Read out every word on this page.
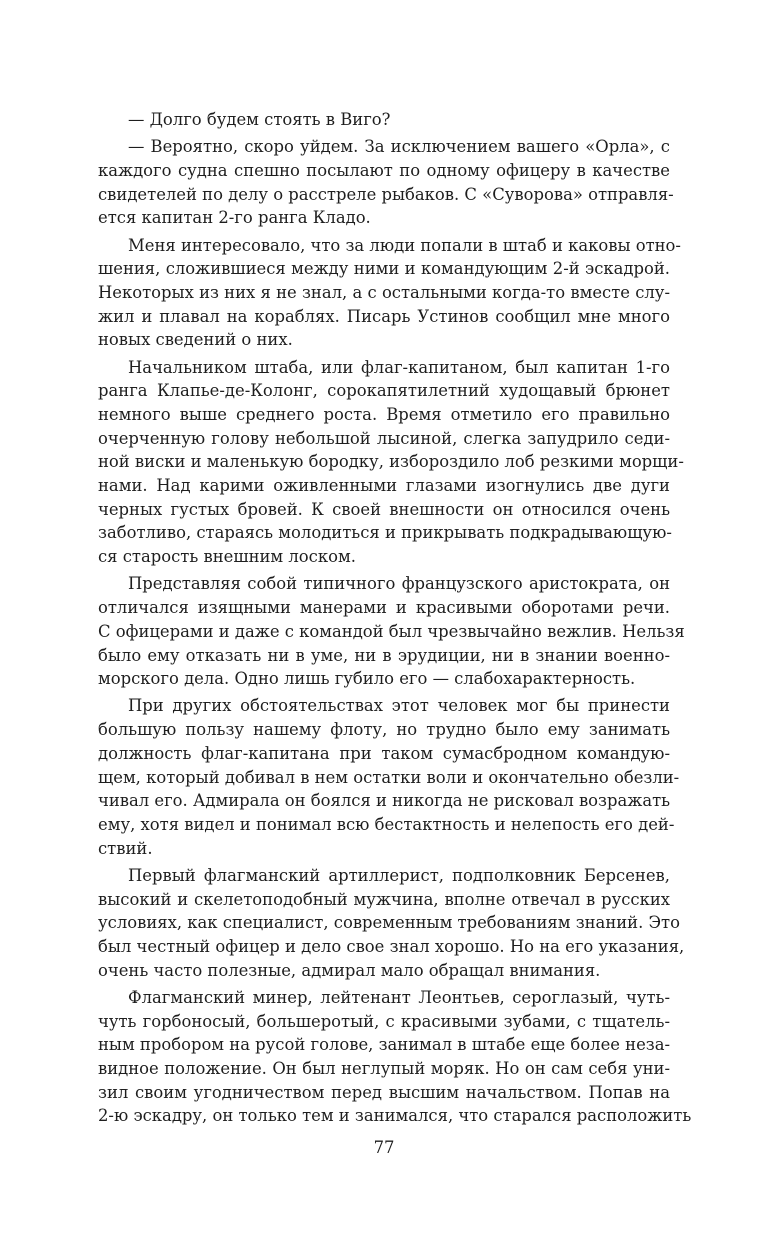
— Долго будем стоять в Виго?
— Вероятно, скоро уйдем. За исключением вашего «Орла», с
каждого судна спешно посылают по одному офицеру в качестве
свидетелей по делу о расстреле рыбаков. С «Суворова» отправля-
ется капитан 2-го ранга Кладо.
Меня интересовало, что за люди попали в штаб и каковы отно-
шения, сложившиеся между ними и командующим 2-й эскадрой.
Некоторых из них я не знал, а с остальными когда-то вместе слу-
жил и плавал на кораблях. Писарь Устинов сообщил мне много
новых сведений о них.
Начальником штаба, или флаг-капитаном, был капитан 1-го
ранга Клапье-де-Колонг, сорокапятилетний худощавый брюнет
немного выше среднего роста. Время отметило его правильно
очерченную голову небольшой лысиной, слегка запудрило седи-
ной виски и маленькую бородку, избороздило лоб резкими морщи-
нами. Над карими оживленными глазами изогнулись две дуги
черных густых бровей. К своей внешности он относился очень
заботливо, стараясь молодиться и прикрывать подкрадывающую-
ся старость внешним лоском.
Представляя собой типичного французского аристократа, он
отличался изящными манерами и красивыми оборотами речи.
С офицерами и даже с командой был чрезвычайно вежлив. Нельзя
было ему отказать ни в уме, ни в эрудиции, ни в знании военно-
морского дела. Одно лишь губило его — слабохарактерность.
При других обстоятельствах этот человек мог бы принести
большую пользу нашему флоту, но трудно было ему занимать
должность флаг-капитана при таком сумасбродном командую-
щем, который добивал в нем остатки воли и окончательно обезли-
чивал его. Адмирала он боялся и никогда не рисковал возражать
ему, хотя видел и понимал всю бестактность и нелепость его дей-
ствий.
Первый флагманский артиллерист, подполковник Берсенев,
высокий и скелетоподобный мужчина, вполне отвечал в русских
условиях, как специалист, современным требованиям знаний. Это
был честный офицер и дело свое знал хорошо. Но на его указания,
очень часто полезные, адмирал мало обращал внимания.
Флагманский минер, лейтенант Леонтьев, сероглазый, чуть-
чуть горбоносый, большеротый, с красивыми зубами, с тщатель-
ным пробором на русой голове, занимал в штабе еще более неза-
видное положение. Он был неглупый моряк. Но он сам себя уни-
зил своим угодничеством перед высшим начальством. Попав на
2-ю эскадру, он только тем и занимался, что старался расположить
77
